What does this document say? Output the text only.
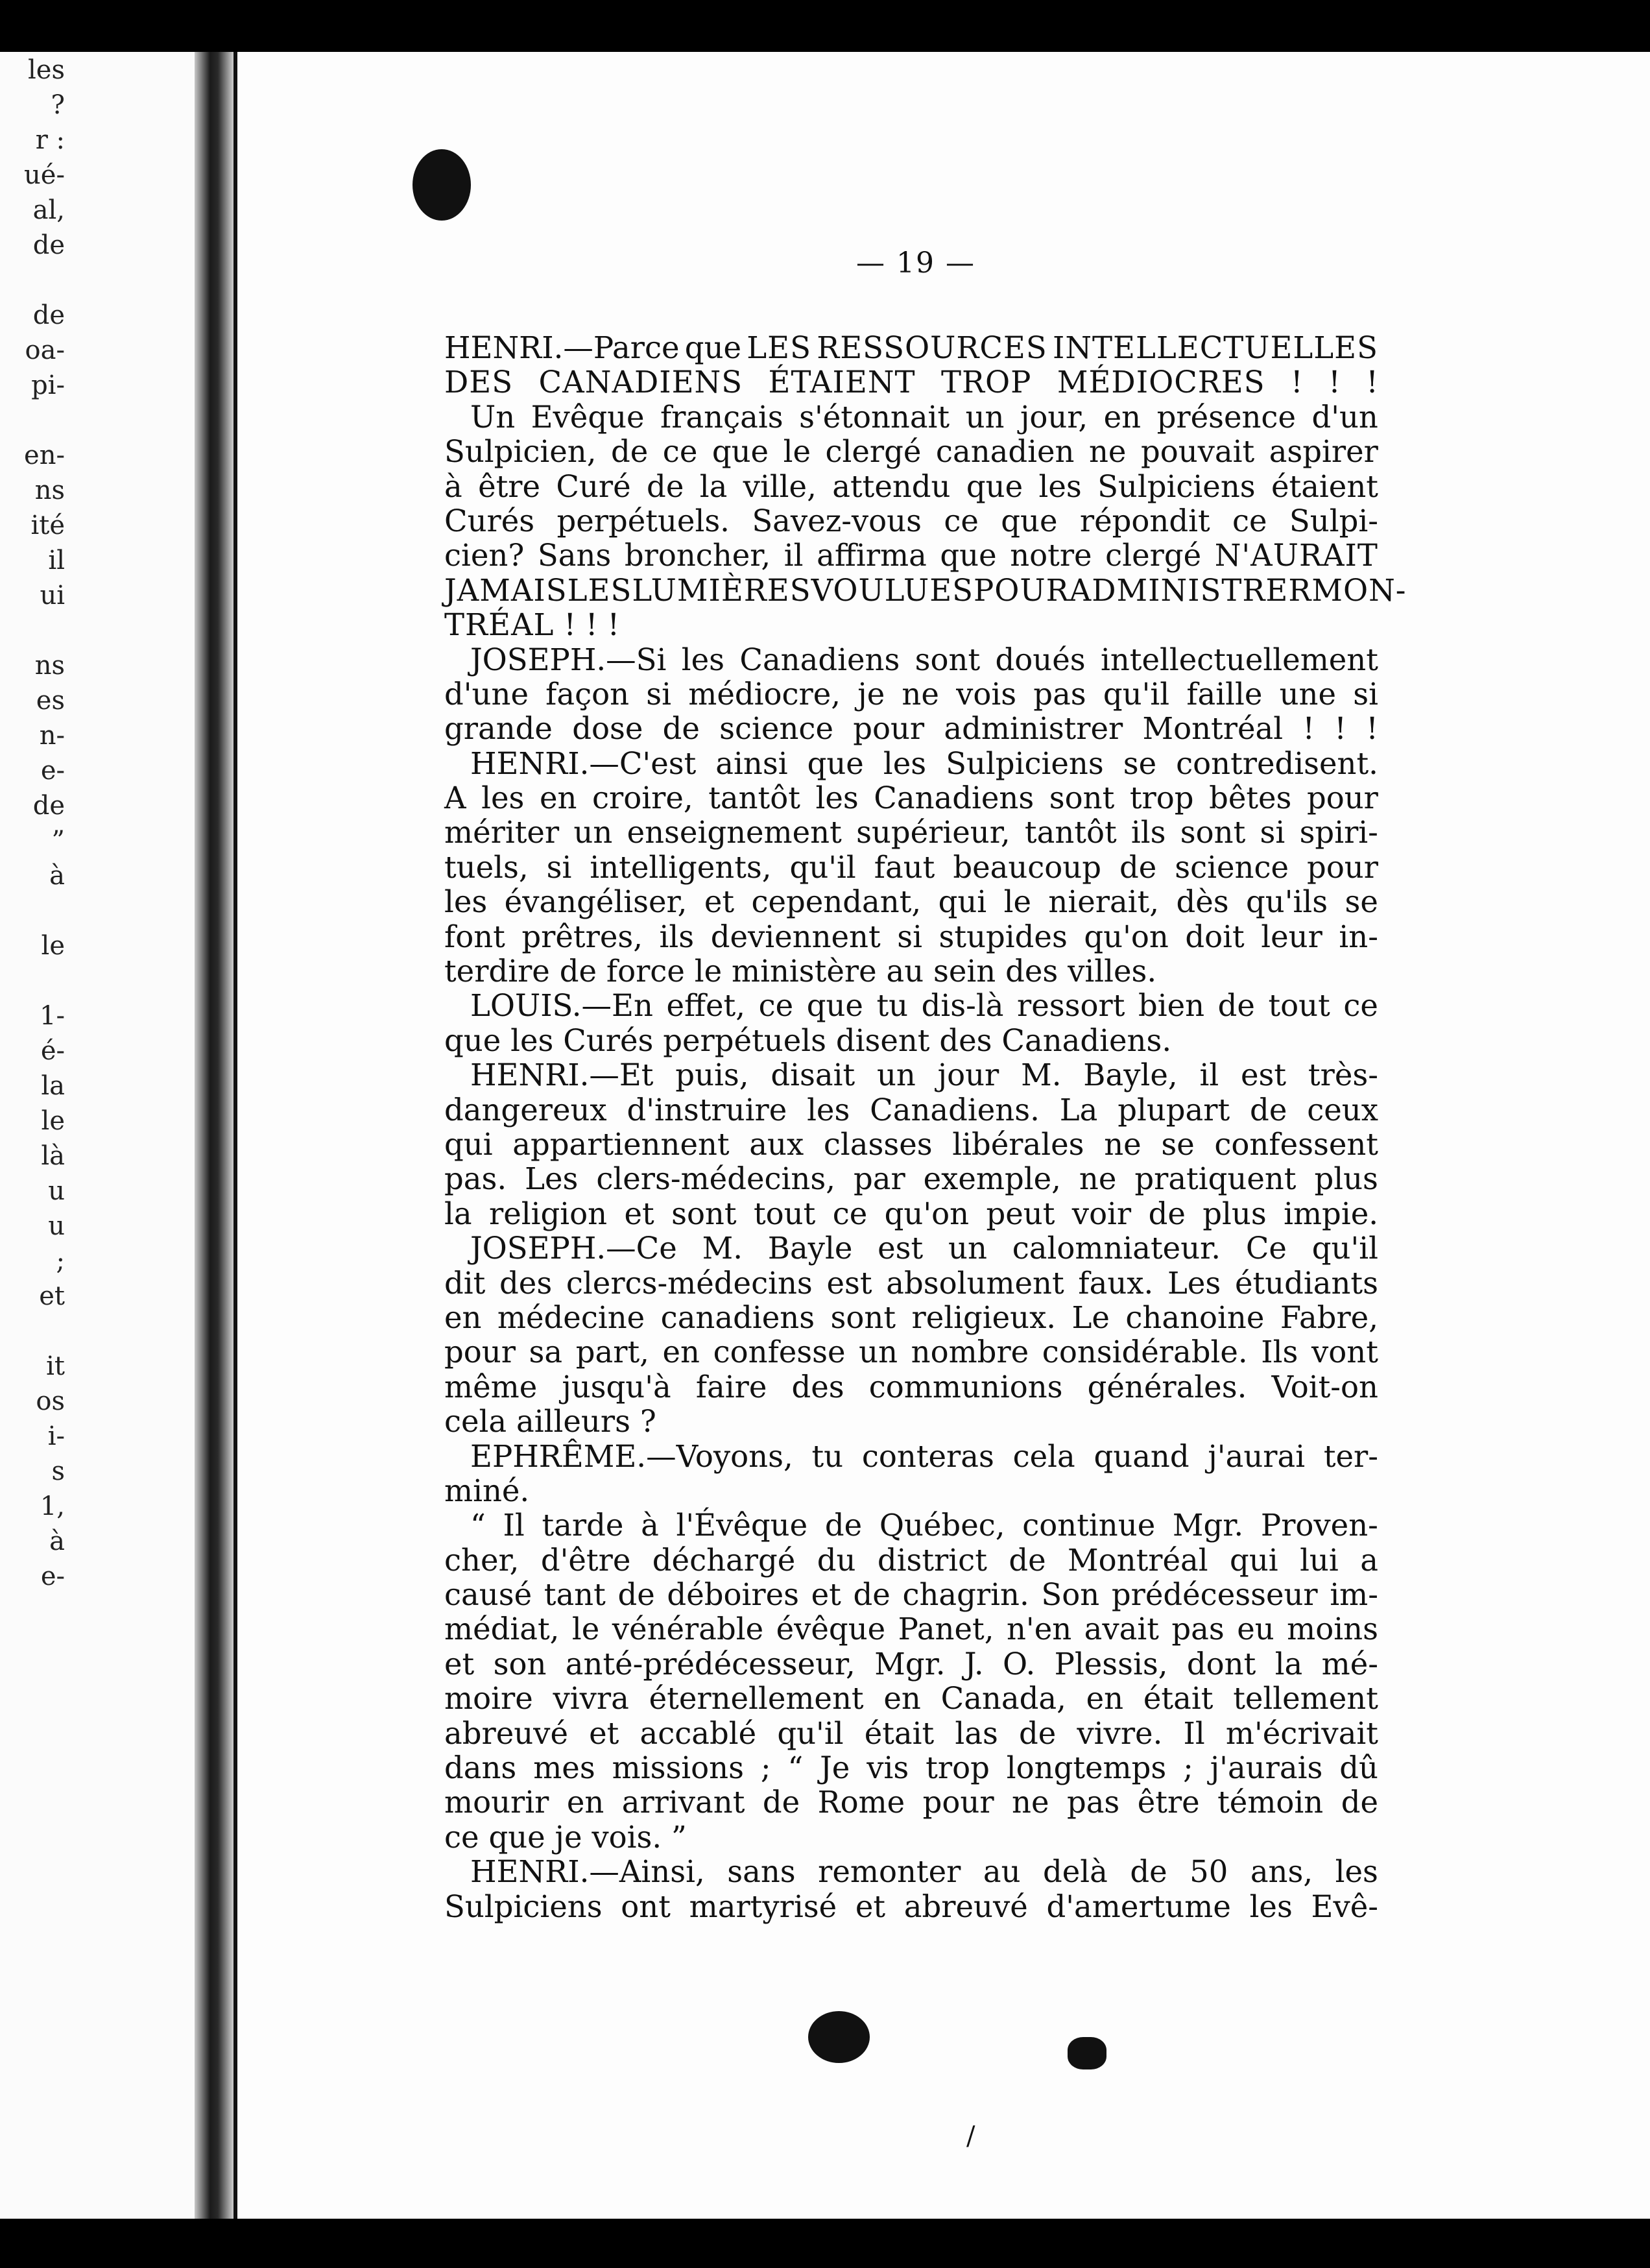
les
?
r :
ué-
al,
de
de
oa-
pi-
en-
ns
ité
il
ui
ns
es
n-
e-
de
”
à
le
1-
é-
la
le
là
u
u
;
et
it
os
i-
s
1,
à
e-
— 19 —
HENRI.—Parce que LES RESSOURCES INTELLECTUELLES
DES CANADIENS ÉTAIENT TROP MÉDIOCRES ! ! !
Un Evêque français s'étonnait un jour, en présence d'un
Sulpicien, de ce que le clergé canadien ne pouvait aspirer
à être Curé de la ville, attendu que les Sulpiciens étaient
Curés perpétuels. Savez-vous ce que répondit ce Sulpi-
cien? Sans broncher, il affirma que notre clergé N'AURAIT
JAMAIS LES LUMIÈRES VOULUES POUR ADMINISTRER MON-
TRÉAL ! ! !
JOSEPH.—Si les Canadiens sont doués intellectuellement
d'une façon si médiocre, je ne vois pas qu'il faille une si
grande dose de science pour administrer Montréal ! ! !
HENRI.—C'est ainsi que les Sulpiciens se contredisent.
A les en croire, tantôt les Canadiens sont trop bêtes pour
mériter un enseignement supérieur, tantôt ils sont si spiri-
tuels, si intelligents, qu'il faut beaucoup de science pour
les évangéliser, et cependant, qui le nierait, dès qu'ils se
font prêtres, ils deviennent si stupides qu'on doit leur in-
terdire de force le ministère au sein des villes.
LOUIS.—En effet, ce que tu dis-là ressort bien de tout ce
que les Curés perpétuels disent des Canadiens.
HENRI.—Et puis, disait un jour M. Bayle, il est très-
dangereux d'instruire les Canadiens. La plupart de ceux
qui appartiennent aux classes libérales ne se confessent
pas. Les clers-médecins, par exemple, ne pratiquent plus
la religion et sont tout ce qu'on peut voir de plus impie.
JOSEPH.—Ce M. Bayle est un calomniateur. Ce qu'il
dit des clercs-médecins est absolument faux. Les étudiants
en médecine canadiens sont religieux. Le chanoine Fabre,
pour sa part, en confesse un nombre considérable. Ils vont
même jusqu'à faire des communions générales. Voit-on
cela ailleurs ?
EPHRÊME.—Voyons, tu conteras cela quand j'aurai ter-
miné.
“ Il tarde à l'Évêque de Québec, continue Mgr. Proven-
cher, d'être déchargé du district de Montréal qui lui a
causé tant de déboires et de chagrin. Son prédécesseur im-
médiat, le vénérable évêque Panet, n'en avait pas eu moins
et son anté-prédécesseur, Mgr. J. O. Plessis, dont la mé-
moire vivra éternellement en Canada, en était tellement
abreuvé et accablé qu'il était las de vivre. Il m'écrivait
dans mes missions ; “ Je vis trop longtemps ; j'aurais dû
mourir en arrivant de Rome pour ne pas être témoin de
ce que je vois. ”
HENRI.—Ainsi, sans remonter au delà de 50 ans, les
Sulpiciens ont martyrisé et abreuvé d'amertume les Evê-
/
